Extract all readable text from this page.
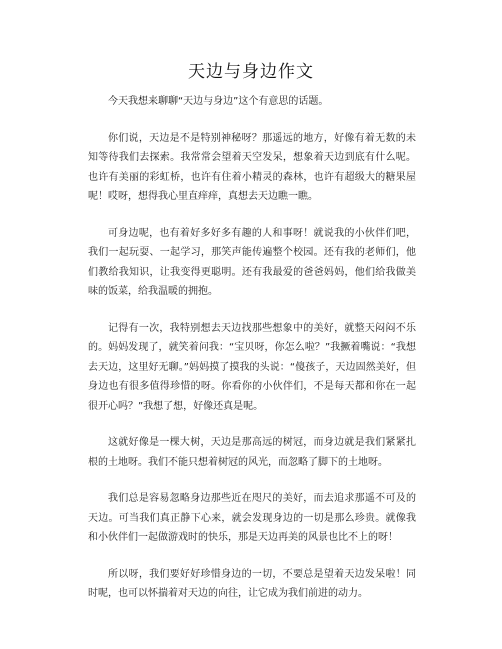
天边与身边作文

今天我想来聊聊“天边与身边”这个有意思的话题。

你们说，天边是不是特别神秘呀？那遥远的地方，好像有着无数的未知等待我们去探索。我常常会望着天空发呆，想象着天边到底有什么呢。也许有美丽的彩虹桥，也许有住着小精灵的森林，也许有超级大的糖果屋呢！哎呀，想得我心里直痒痒，真想去天边瞧一瞧。

可身边呢，也有着好多好多有趣的人和事呀！就说我的小伙伴们吧，我们一起玩耍、一起学习，那笑声能传遍整个校园。还有我的老师们，他们教给我知识，让我变得更聪明。还有我最爱的爸爸妈妈，他们给我做美味的饭菜，给我温暖的拥抱。

记得有一次，我特别想去天边找那些想象中的美好，就整天闷闷不乐的。妈妈发现了，就笑着问我：“宝贝呀，你怎么啦？”我撅着嘴说：“我想去天边，这里好无聊。”妈妈摸了摸我的头说：“傻孩子，天边固然美好，但身边也有很多值得珍惜的呀。你看你的小伙伴们，不是每天都和你在一起很开心吗？”我想了想，好像还真是呢。

这就好像是一棵大树，天边是那高远的树冠，而身边就是我们紧紧扎根的土地呀。我们不能只想着树冠的风光，而忽略了脚下的土地呀。

我们总是容易忽略身边那些近在咫尺的美好，而去追求那遥不可及的天边。可当我们真正静下心来，就会发现身边的一切是那么珍贵。就像我和小伙伴们一起做游戏时的快乐，那是天边再美的风景也比不上的呀！

所以呀，我们要好好珍惜身边的一切，不要总是望着天边发呆啦！同时呢，也可以怀揣着对天边的向往，让它成为我们前进的动力。
